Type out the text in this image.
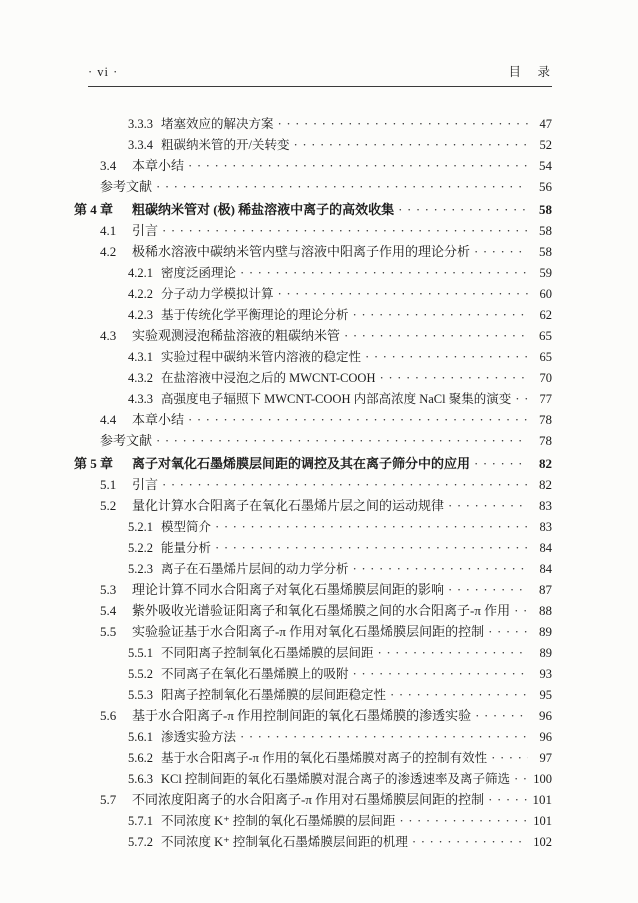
· vi ·	目　录
3.3.3 堵塞效应的解决方案 ·····	47
3.3.4 粗碳纳米管的开/关转变 ·····	52
3.4	本章小结 ·····	54
参考文献 ·····	56
第 4 章	粗碳纳米管对 (极) 稀盐溶液中离子的高效收集 ·····	58
4.1	引言 ·····	58
4.2	极稀水溶液中碳纳米管内壁与溶液中阳离子作用的理论分析 ·····	58
4.2.1 密度泛函理论 ·····	59
4.2.2 分子动力学模拟计算 ·····	60
4.2.3 基于传统化学平衡理论的理论分析 ·····	62
4.3	实验观测浸泡稀盐溶液的粗碳纳米管 ·····	65
4.3.1 实验过程中碳纳米管内溶液的稳定性 ·····	65
4.3.2 在盐溶液中浸泡之后的 MWCNT-COOH ·····	70
4.3.3 高强度电子辐照下 MWCNT-COOH 内部高浓度 NaCl 聚集的演变 ·····	77
4.4	本章小结 ·····	78
参考文献 ·····	78
第 5 章	离子对氧化石墨烯膜层间距的调控及其在离子筛分中的应用 ·····	82
5.1	引言 ·····	82
5.2	量化计算水合阳离子在氧化石墨烯片层之间的运动规律 ·····	83
5.2.1 模型简介 ·····	83
5.2.2 能量分析 ·····	84
5.2.3 离子在石墨烯片层间的动力学分析 ·····	84
5.3	理论计算不同水合阳离子对氧化石墨烯膜层间距的影响 ·····	87
5.4	紫外吸收光谱验证阳离子和氧化石墨烯膜之间的水合阳离子-π 作用 ·····	88
5.5	实验验证基于水合阳离子-π 作用对氧化石墨烯膜层间距的控制 ·····	89
5.5.1 不同阳离子控制氧化石墨烯膜的层间距 ·····	89
5.5.2 不同离子在氧化石墨烯膜上的吸附 ·····	93
5.5.3 阳离子控制氧化石墨烯膜的层间距稳定性 ·····	95
5.6	基于水合阳离子-π 作用控制间距的氧化石墨烯膜的渗透实验 ·····	96
5.6.1 渗透实验方法 ·····	96
5.6.2 基于水合阳离子-π 作用的氧化石墨烯膜对离子的控制有效性 ·····	97
5.6.3 KCl 控制间距的氧化石墨烯膜对混合离子的渗透速率及离子筛选 ····· 100
5.7	不同浓度阳离子的水合阳离子-π 作用对石墨烯膜层间距的控制 ·····	101
5.7.1 不同浓度 K⁺ 控制的氧化石墨烯膜的层间距 ·····	101
5.7.2 不同浓度 K⁺ 控制氧化石墨烯膜层间距的机理 ·····	102
